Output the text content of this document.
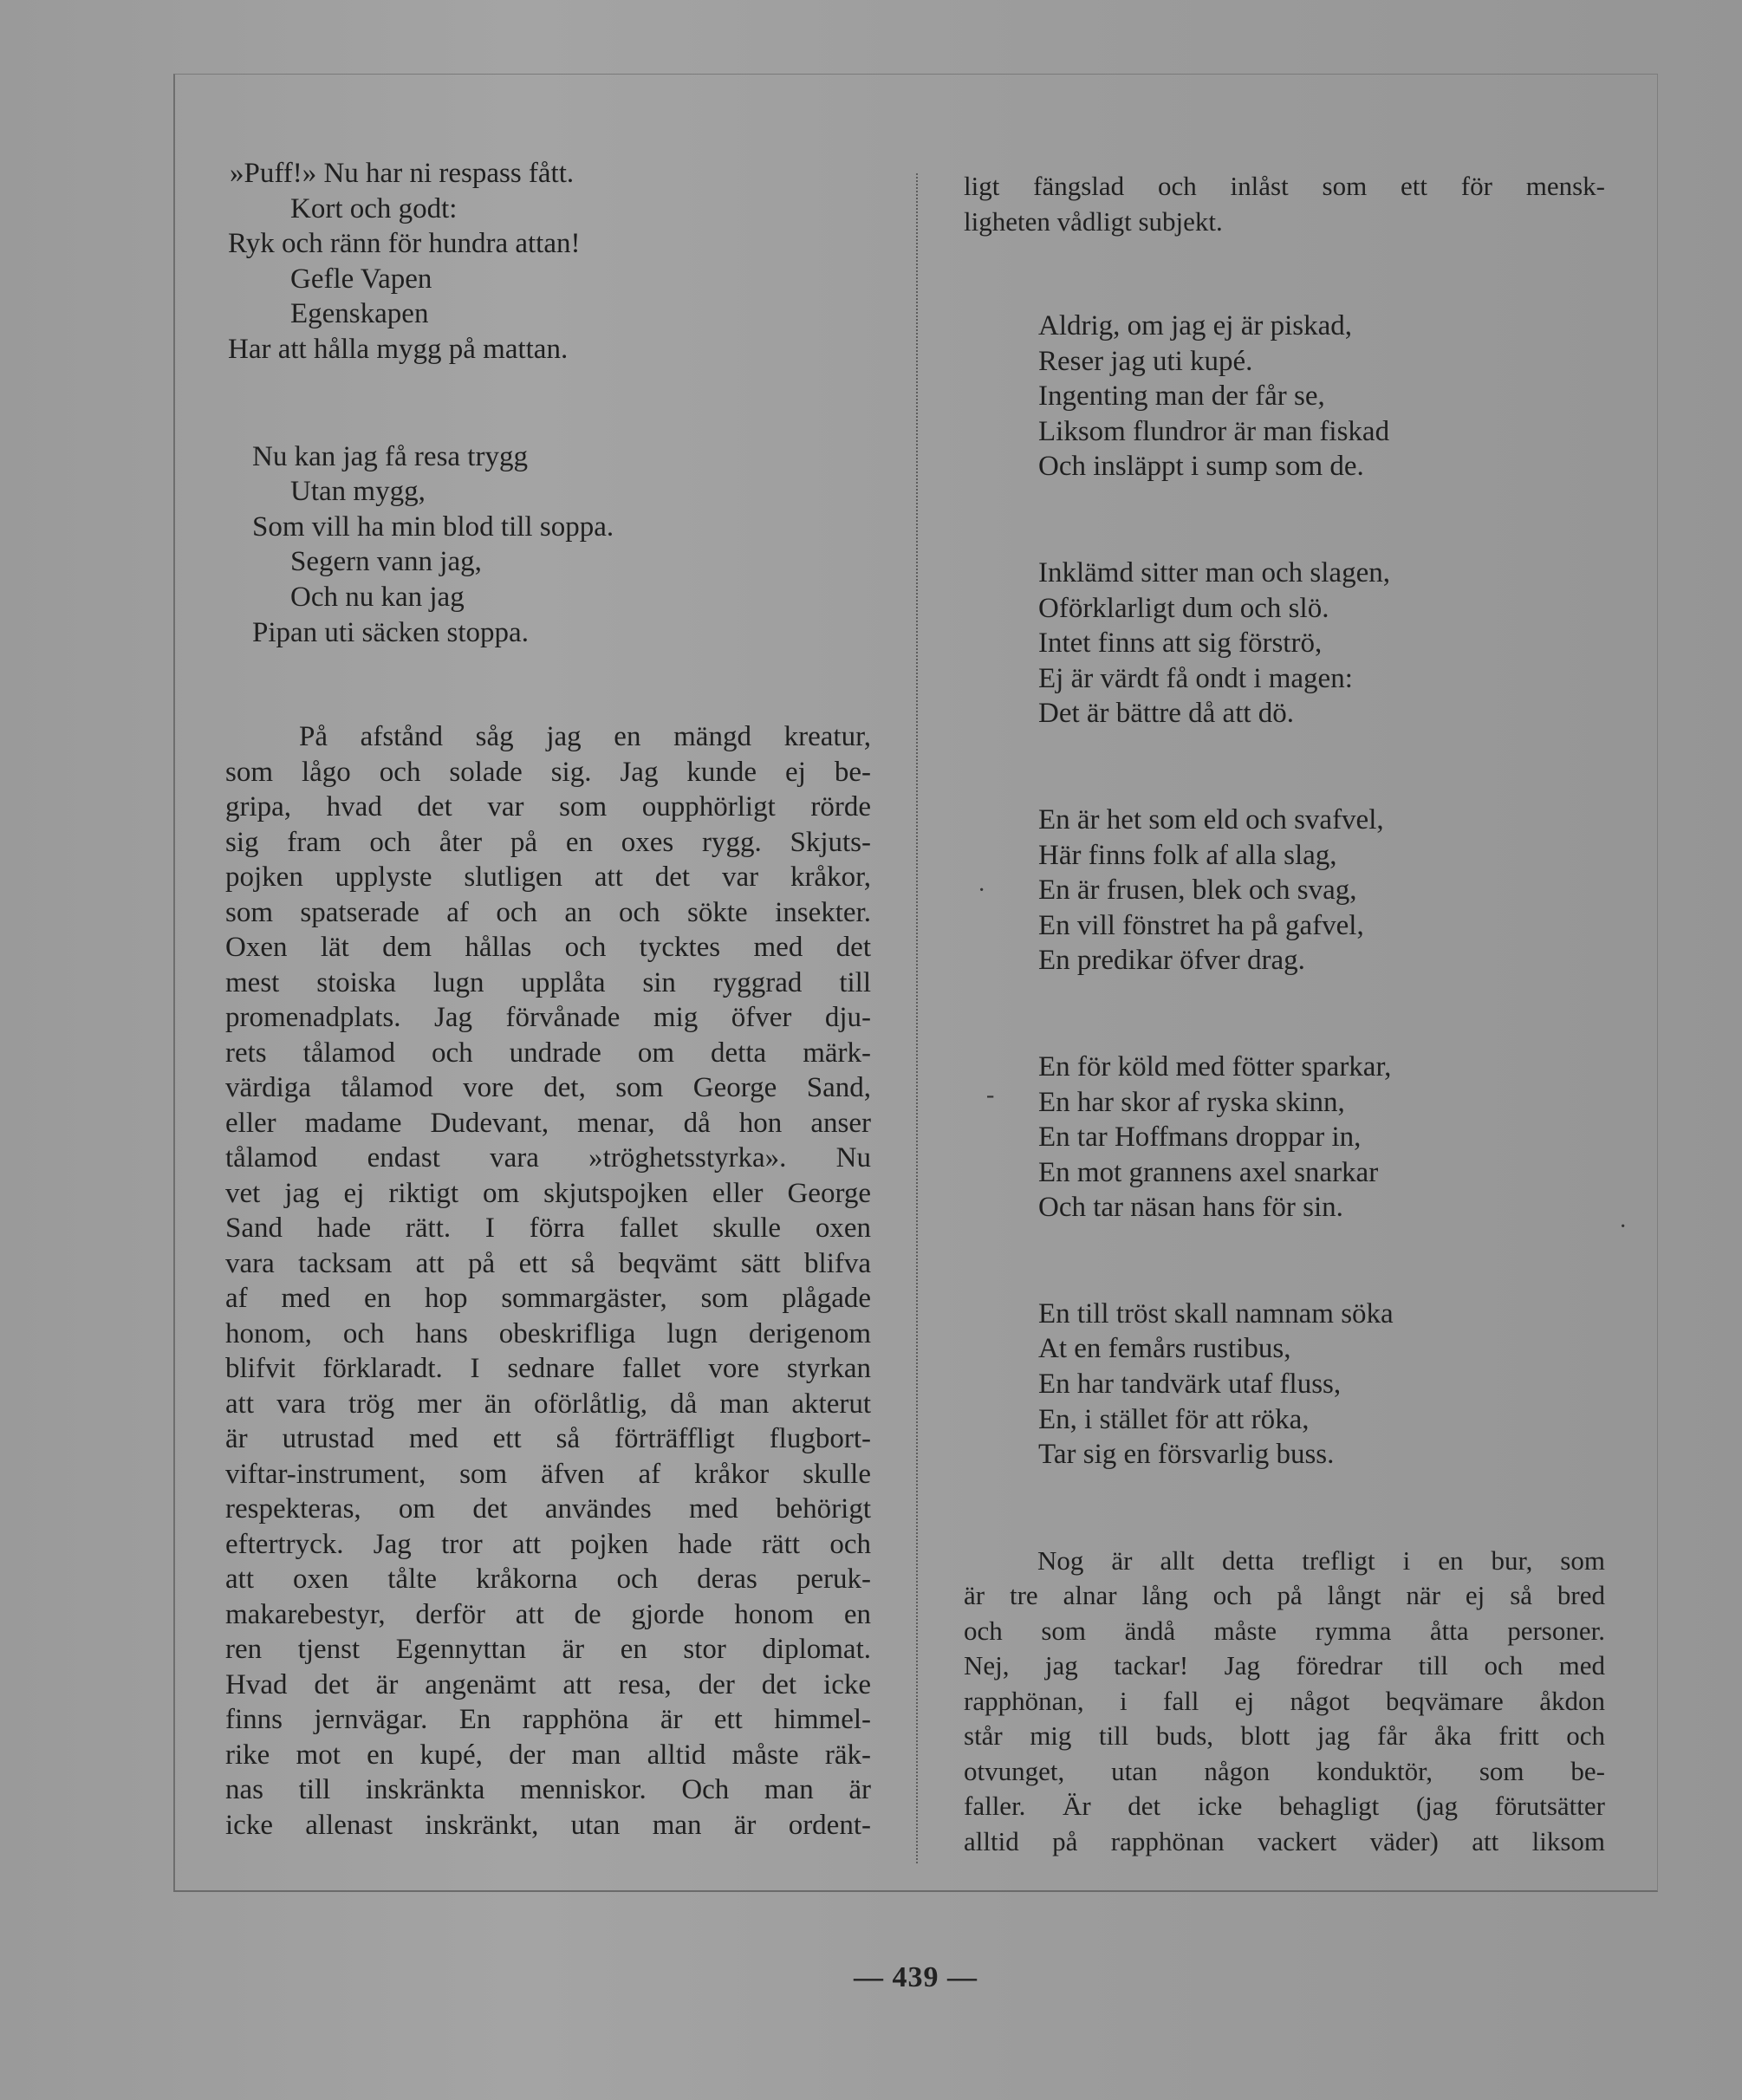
»Puff!» Nu har ni respass fått.
Kort och godt:
Ryk och ränn för hundra attan!
Gefle Vapen
Egenskapen
Har att hålla mygg på mattan.
Nu kan jag få resa trygg
Utan mygg,
Som vill ha min blod till soppa.
Segern vann jag,
Och nu kan jag
Pipan uti säcken stoppa.
På afstånd såg jag en mängd kreatur,
som lågo och solade sig. Jag kunde ej be-
gripa, hvad det var som oupphörligt rörde
sig fram och åter på en oxes rygg. Skjuts-
pojken upplyste slutligen att det var kråkor,
som spatserade af och an och sökte insekter.
Oxen lät dem hållas och tycktes med det
mest stoiska lugn upplåta sin ryggrad till
promenadplats. Jag förvånade mig öfver dju-
rets tålamod och undrade om detta märk-
värdiga tålamod vore det, som George Sand,
eller madame Dudevant, menar, då hon anser
tålamod endast vara »tröghetsstyrka». Nu
vet jag ej riktigt om skjutspojken eller George
Sand hade rätt. I förra fallet skulle oxen
vara tacksam att på ett så beqvämt sätt blifva
af med en hop sommargäster, som plågade
honom, och hans obeskrifliga lugn derigenom
blifvit förklaradt. I sednare fallet vore styrkan
att vara trög mer än oförlåtlig, då man akterut
är utrustad med ett så förträffligt flugbort-
viftar-instrument, som äfven af kråkor skulle
respekteras, om det användes med behörigt
eftertryck. Jag tror att pojken hade rätt och
att oxen tålte kråkorna och deras peruk-
makarebestyr, derför att de gjorde honom en
ren tjenst Egennyttan är en stor diplomat.
Hvad det är angenämt att resa, der det icke
finns jernvägar. En rapphöna är ett himmel-
rike mot en kupé, der man alltid måste räk-
nas till inskränkta menniskor. Och man är
icke allenast inskränkt, utan man är ordent-
ligt fängslad och inlåst som ett för mensk-
ligheten vådligt subjekt.
Aldrig, om jag ej är piskad,
Reser jag uti kupé.
Ingenting man der får se,
Liksom flundror är man fiskad
Och insläppt i sump som de.
Inklämd sitter man och slagen,
Oförklarligt dum och slö.
Intet finns att sig förströ,
Ej är värdt få ondt i magen:
Det är bättre då att dö.
En är het som eld och svafvel,
Här finns folk af alla slag,
En är frusen, blek och svag,
En vill fönstret ha på gafvel,
En predikar öfver drag.
En för köld med fötter sparkar,
En har skor af ryska skinn,
En tar Hoffmans droppar in,
En mot grannens axel snarkar
Och tar näsan hans för sin.
En till tröst skall namnam söka
At en femårs rustibus,
En har tandvärk utaf fluss,
En, i stället för att röka,
Tar sig en försvarlig buss.
Nog är allt detta trefligt i en bur, som
är tre alnar lång och på långt när ej så bred
och som ändå måste rymma åtta personer.
Nej, jag tackar! Jag föredrar till och med
rapphönan, i fall ej något beqvämare åkdon
står mig till buds, blott jag får åka fritt och
otvunget, utan någon konduktör, som be-
faller. Är det icke behagligt (jag förutsätter
alltid på rapphönan vackert väder) att liksom
·
-
·
— 439 —
